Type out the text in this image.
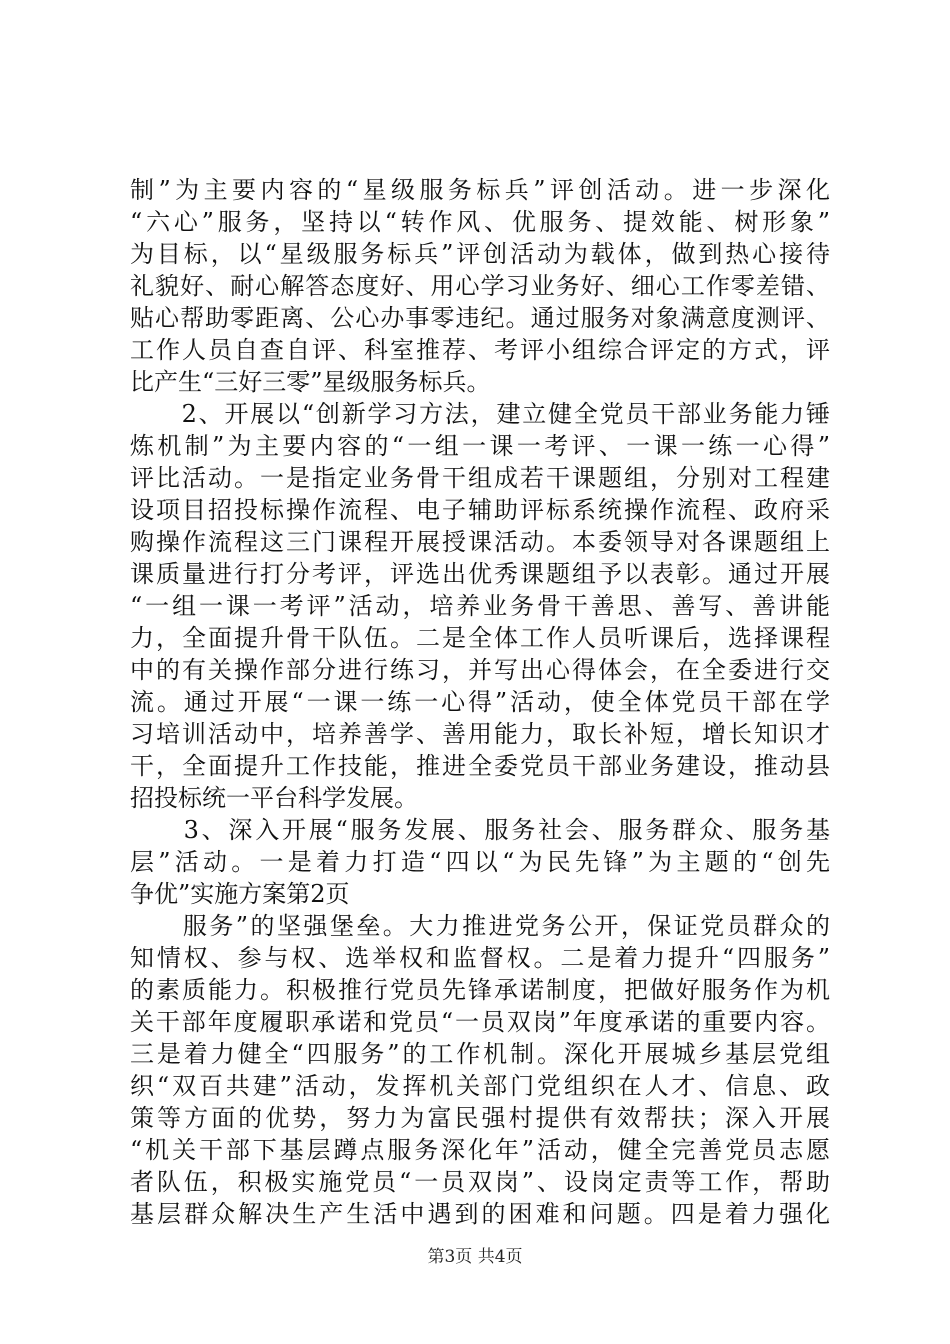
制”为主要内容的“星级服务标兵”评创活动。进一步深化
“六心”服务，坚持以“转作风、优服务、提效能、树形象”
为目标，以“星级服务标兵”评创活动为载体，做到热心接待
礼貌好、耐心解答态度好、用心学习业务好、细心工作零差错、
贴心帮助零距离、公心办事零违纪。通过服务对象满意度测评、
工作人员自查自评、科室推荐、考评小组综合评定的方式，评
比产生“三好三零”星级服务标兵。
　　2、开展以“创新学习方法，建立健全党员干部业务能力锤
炼机制”为主要内容的“一组一课一考评、一课一练一心得”
评比活动。一是指定业务骨干组成若干课题组，分别对工程建
设项目招投标操作流程、电子辅助评标系统操作流程、政府采
购操作流程这三门课程开展授课活动。本委领导对各课题组上
课质量进行打分考评，评选出优秀课题组予以表彰。通过开展
“一组一课一考评”活动，培养业务骨干善思、善写、善讲能
力，全面提升骨干队伍。二是全体工作人员听课后，选择课程
中的有关操作部分进行练习，并写出心得体会，在全委进行交
流。通过开展“一课一练一心得”活动，使全体党员干部在学
习培训活动中，培养善学、善用能力，取长补短，增长知识才
干，全面提升工作技能，推进全委党员干部业务建设，推动县
招投标统一平台科学发展。
　　3、深入开展“服务发展、服务社会、服务群众、服务基
层”活动。一是着力打造“四以“为民先锋”为主题的“创先
争优”实施方案第2页
　　服务”的坚强堡垒。大力推进党务公开，保证党员群众的
知情权、参与权、选举权和监督权。二是着力提升“四服务”
的素质能力。积极推行党员先锋承诺制度，把做好服务作为机
关干部年度履职承诺和党员“一员双岗”年度承诺的重要内容。
三是着力健全“四服务”的工作机制。深化开展城乡基层党组
织“双百共建”活动，发挥机关部门党组织在人才、信息、政
策等方面的优势，努力为富民强村提供有效帮扶；深入开展
“机关干部下基层蹲点服务深化年”活动，健全完善党员志愿
者队伍，积极实施党员“一员双岗”、设岗定责等工作，帮助
基层群众解决生产生活中遇到的困难和问题。四是着力强化
第3页 共4页
